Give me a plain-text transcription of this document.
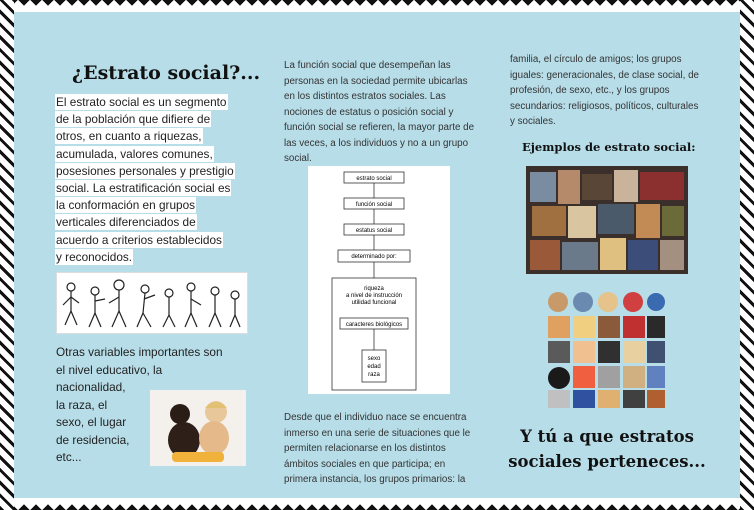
¿Estrato social?...
El estrato social es un segmento
de la población que difiere de
otros, en cuanto a riquezas,
acumulada, valores comunes,
posesiones personales y prestigio
social. La estratificación social es
la conformación en grupos
verticales diferenciados de
acuerdo a criterios establecidos
y reconocidos.
Otras variables importantes son
el nivel educativo, la
nacionalidad,
la raza, el
sexo, el lugar
de residencia,
etc...

La función social que desempeñan las personas en la sociedad permite ubicarlas en los distintos estratos sociales. Las nociones de estatus o posición social y función social se refieren, la mayor parte de las veces, a los individuos y no a un grupo social.

estrato social
función social
estatus social
determinado por:
riqueza
a nivel de instrucción
utilidad funcional
caracteres biológicos
sexo
edad
raza

Desde que el individuo nace se encuentra inmerso en una serie de situaciones que le permiten relacionarse en los distintos ámbitos sociales en que participa; en primera instancia, los grupos primarios: la

familia, el círculo de amigos; los grupos iguales: generacionales, de clase social, de profesión, de sexo, etc., y los grupos secundarios: religiosos, políticos, culturales y sociales.

Ejemplos de estrato social:
Y tú a que estratos
sociales perteneces...
